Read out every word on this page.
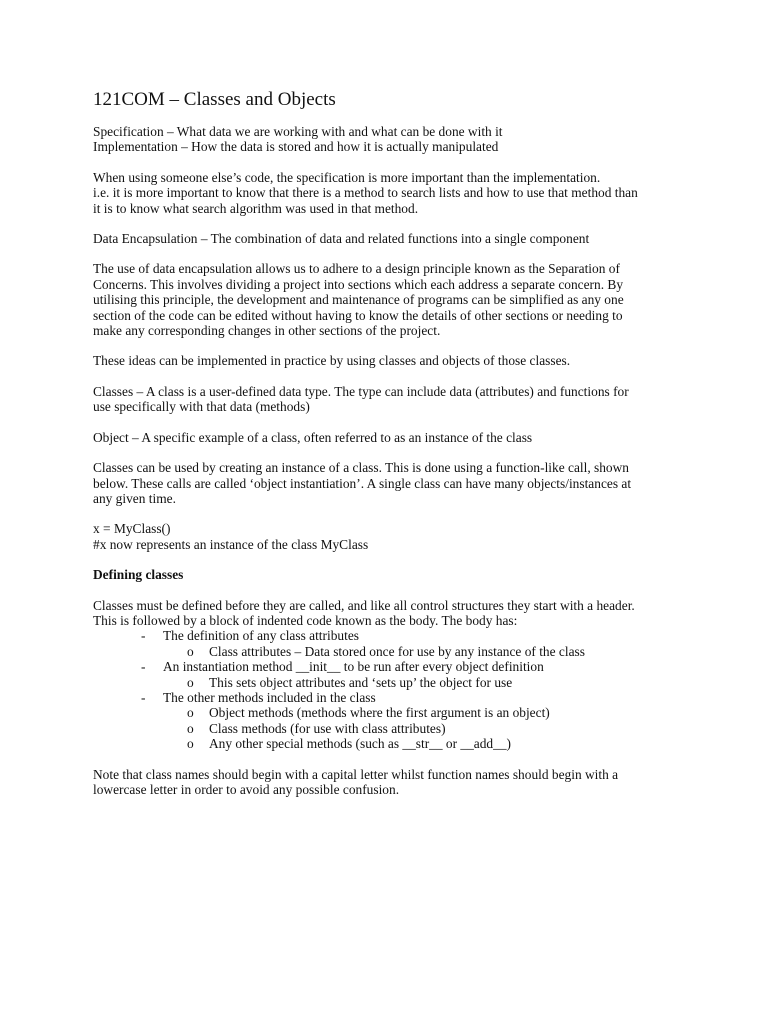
121COM – Classes and Objects

Specification – What data we are working with and what can be done with it
Implementation – How the data is stored and how it is actually manipulated

When using someone else’s code, the specification is more important than the implementation.
i.e. it is more important to know that there is a method to search lists and how to use that method than
it is to know what search algorithm was used in that method.

Data Encapsulation – The combination of data and related functions into a single component

The use of data encapsulation allows us to adhere to a design principle known as the Separation of
Concerns. This involves dividing a project into sections which each address a separate concern. By
utilising this principle, the development and maintenance of programs can be simplified as any one
section of the code can be edited without having to know the details of other sections or needing to
make any corresponding changes in other sections of the project.

These ideas can be implemented in practice by using classes and objects of those classes.

Classes – A class is a user-defined data type. The type can include data (attributes) and functions for
use specifically with that data (methods)

Object – A specific example of a class, often referred to as an instance of the class

Classes can be used by creating an instance of a class. This is done using a function-like call, shown
below. These calls are called ‘object instantiation’. A single class can have many objects/instances at
any given time.

x = MyClass()
#x now represents an instance of the class MyClass

Defining classes

Classes must be defined before they are called, and like all control structures they start with a header.
This is followed by a block of indented code known as the body. The body has:
- The definition of any class attributes
o Class attributes – Data stored once for use by any instance of the class
- An instantiation method __init__ to be run after every object definition
o This sets object attributes and ‘sets up’ the object for use
- The other methods included in the class
o Object methods (methods where the first argument is an object)
o Class methods (for use with class attributes)
o Any other special methods (such as __str__ or __add__)

Note that class names should begin with a capital letter whilst function names should begin with a
lowercase letter in order to avoid any possible confusion.
